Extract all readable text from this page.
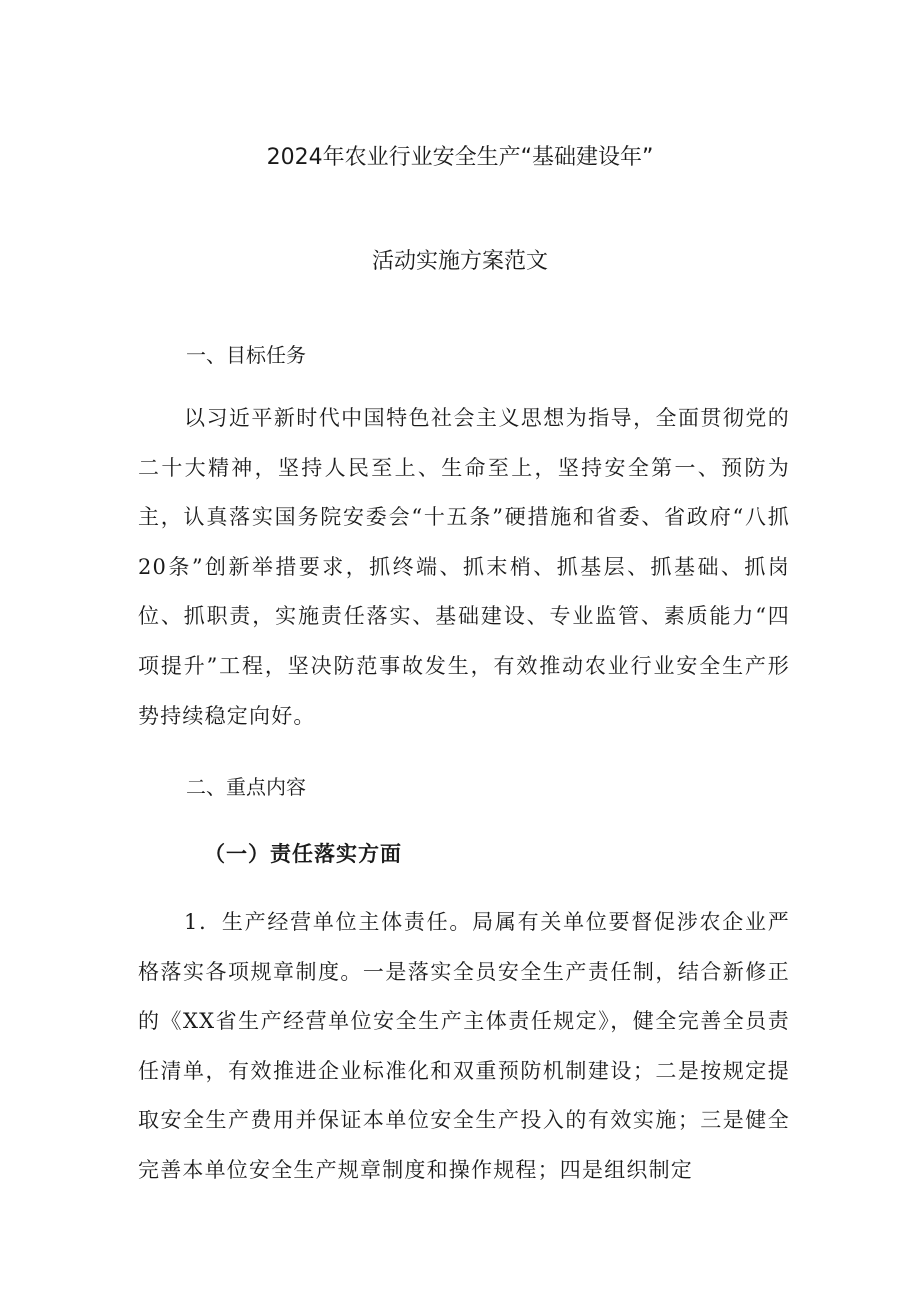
2024年农业行业安全生产“基础建设年”
活动实施方案范文
一、目标任务

以习近平新时代中国特色社会主义思想为指导，全面贯彻党的二十大精神，坚持人民至上、生命至上，坚持安全第一、预防为主，认真落实国务院安委会“十五条”硬措施和省委、省政府“八抓20条”创新举措要求，抓终端、抓末梢、抓基层、抓基础、抓岗位、抓职责，实施责任落实、基础建设、专业监管、素质能力“四项提升”工程，坚决防范事故发生，有效推动农业行业安全生产形势持续稳定向好。

二、重点内容
（一）责任落实方面

1．生产经营单位主体责任。局属有关单位要督促涉农企业严格落实各项规章制度。一是落实全员安全生产责任制，结合新修正的《XX省生产经营单位安全生产主体责任规定》，健全完善全员责任清单，有效推进企业标准化和双重预防机制建设；二是按规定提取安全生产费用并保证本单位安全生产投入的有效实施；三是健全完善本单位安全生产规章制度和操作规程；四是组织制定
